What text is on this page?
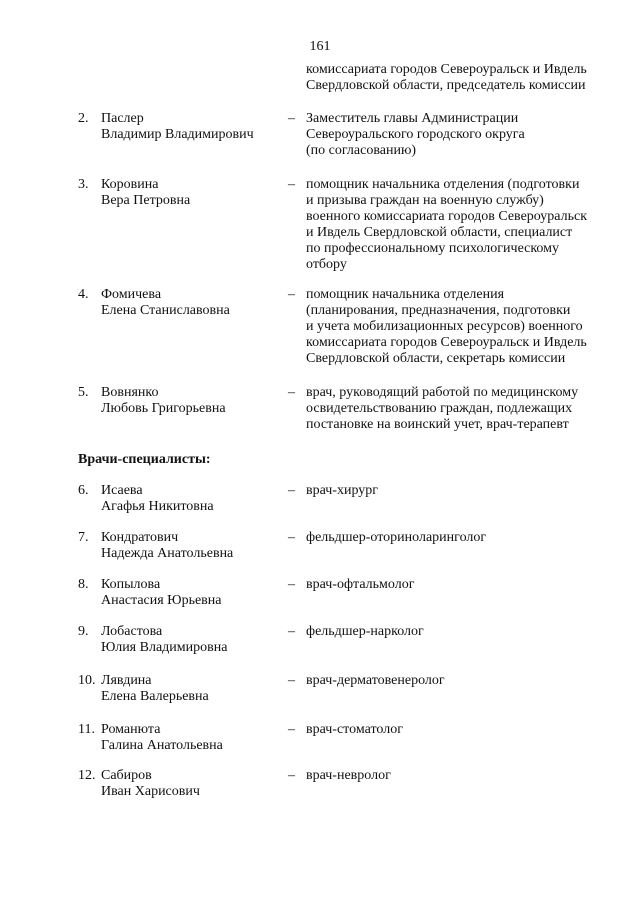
161
комиссариата городов Североуральск и Ивдель
Свердловской области, председатель комиссии
2. Паслер
Владимир Владимирович
– Заместитель главы Администрации
Североуральского городского округа
(по согласованию)
3. Коровина
Вера Петровна
– помощник начальника отделения (подготовки
и призыва граждан на военную службу)
военного комиссариата городов Североуральск
и Ивдель Свердловской области, специалист
по профессиональному психологическому
отбору
4. Фомичева
Елена Станиславовна
– помощник начальника отделения
(планирования, предназначения, подготовки
и учета мобилизационных ресурсов) военного
комиссариата городов Североуральск и Ивдель
Свердловской области, секретарь комиссии
5. Вовнянко
Любовь Григорьевна
– врач, руководящий работой по медицинскому
освидетельствованию граждан, подлежащих
постановке на воинский учет, врач-терапевт
Врачи-специалисты:
6. Исаева
Агафья Никитовна
– врач-хирург
7. Кондратович
Надежда Анатольевна
– фельдшер-оториноларинголог
8. Копылова
Анастасия Юрьевна
– врач-офтальмолог
9. Лобастова
Юлия Владимировна
– фельдшер-нарколог
10. Лявдина
Елена Валерьевна
– врач-дерматовенеролог
11. Романюта
Галина Анатольевна
– врач-стоматолог
12. Сабиров
Иван Харисович
– врач-невролог
